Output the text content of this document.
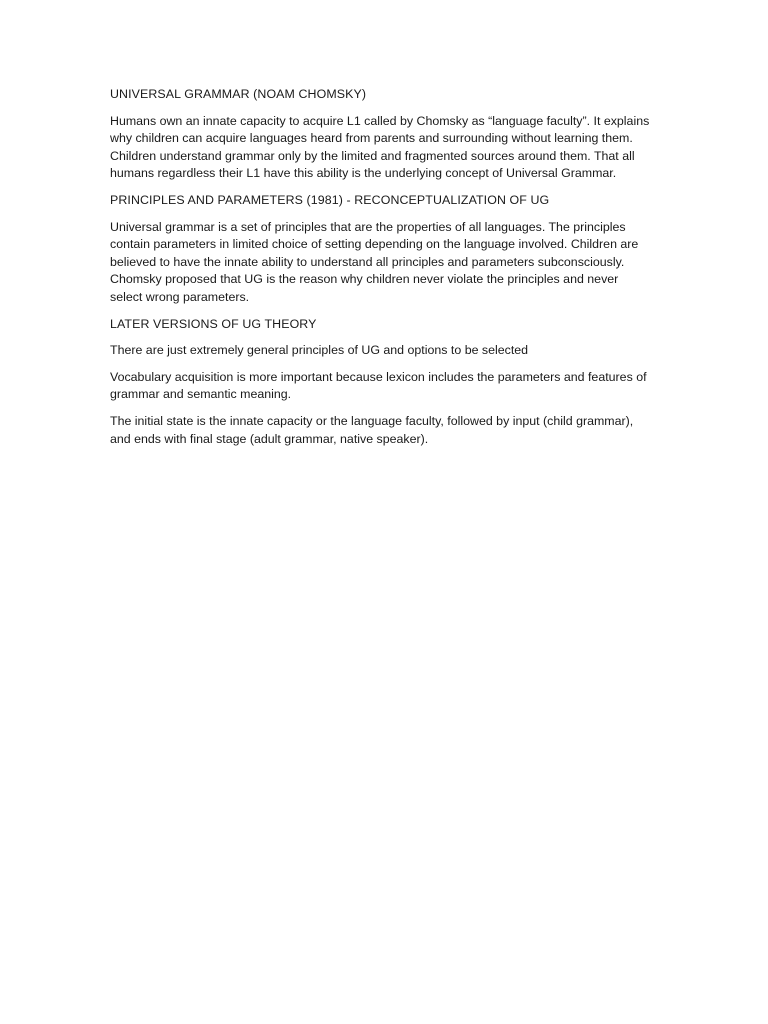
UNIVERSAL GRAMMAR (NOAM CHOMSKY)

Humans own an innate capacity to acquire L1 called by Chomsky as “language faculty”. It explains why children can acquire languages heard from parents and surrounding without learning them. Children understand grammar only by the limited and fragmented sources around them. That all humans regardless their L1 have this ability is the underlying concept of Universal Grammar.

PRINCIPLES AND PARAMETERS (1981) - RECONCEPTUALIZATION OF UG

Universal grammar is a set of principles that are the properties of all languages. The principles contain parameters in limited choice of setting depending on the language involved. Children are believed to have the innate ability to understand all principles and parameters subconsciously. Chomsky proposed that UG is the reason why children never violate the principles and never select wrong parameters.

LATER VERSIONS OF UG THEORY

There are just extremely general principles of UG and options to be selected

Vocabulary acquisition is more important because lexicon includes the parameters and features of grammar and semantic meaning.

The initial state is the innate capacity or the language faculty, followed by input (child grammar), and ends with final stage (adult grammar, native speaker).
